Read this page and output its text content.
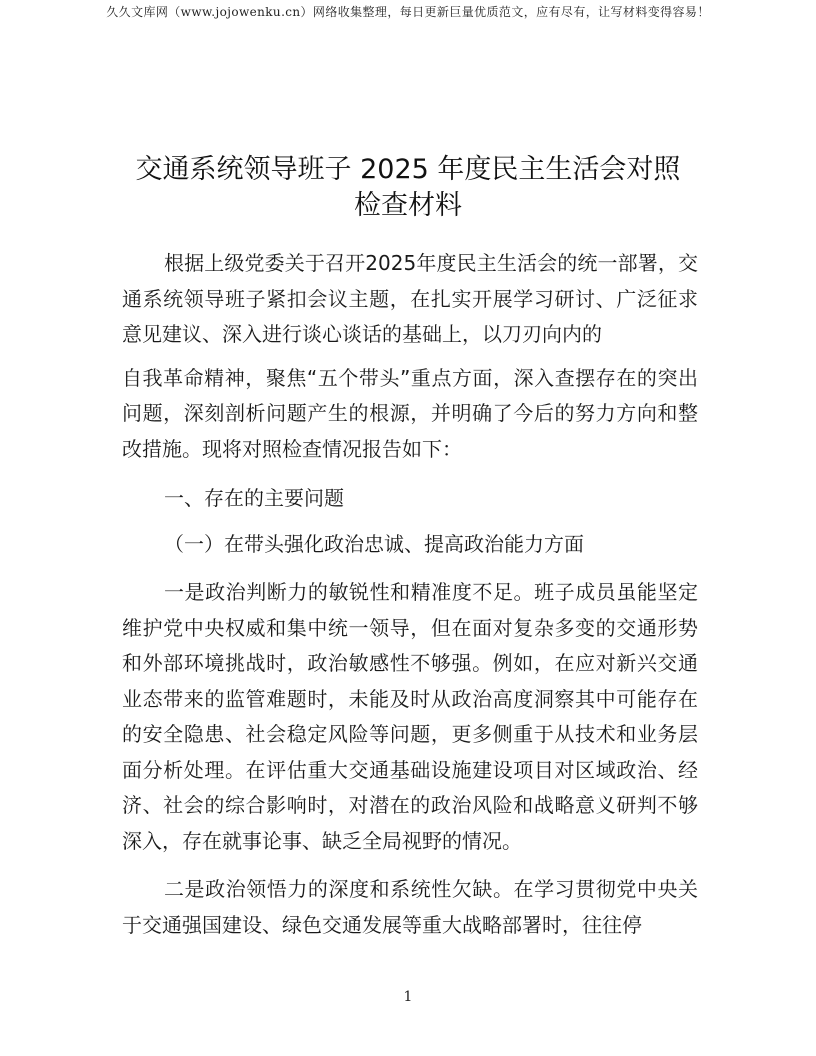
久久文库网（www.jojowenku.cn）网络收集整理，每日更新巨量优质范文，应有尽有，让写材料变得容易！
交通系统领导班子 2025 年度民主生活会对照
检查材料

根据上级党委关于召开2025年度民主生活会的统一部署，交通系统领导班子紧扣会议主题，在扎实开展学习研讨、广泛征求意见建议、深入进行谈心谈话的基础上，以刀刃向内的

自我革命精神，聚焦“五个带头”重点方面，深入查摆存在的突出问题，深刻剖析问题产生的根源，并明确了今后的努力方向和整改措施。现将对照检查情况报告如下：

一、存在的主要问题

（一）在带头强化政治忠诚、提高政治能力方面

一是政治判断力的敏锐性和精准度不足。班子成员虽能坚定维护党中央权威和集中统一领导，但在面对复杂多变的交通形势和外部环境挑战时，政治敏感性不够强。例如，在应对新兴交通业态带来的监管难题时，未能及时从政治高度洞察其中可能存在的安全隐患、社会稳定风险等问题，更多侧重于从技术和业务层面分析处理。在评估重大交通基础设施建设项目对区域政治、经济、社会的综合影响时，对潜在的政治风险和战略意义研判不够深入，存在就事论事、缺乏全局视野的情况。

二是政治领悟力的深度和系统性欠缺。在学习贯彻党中央关于交通强国建设、绿色交通发展等重大战略部署时，往往停

1
